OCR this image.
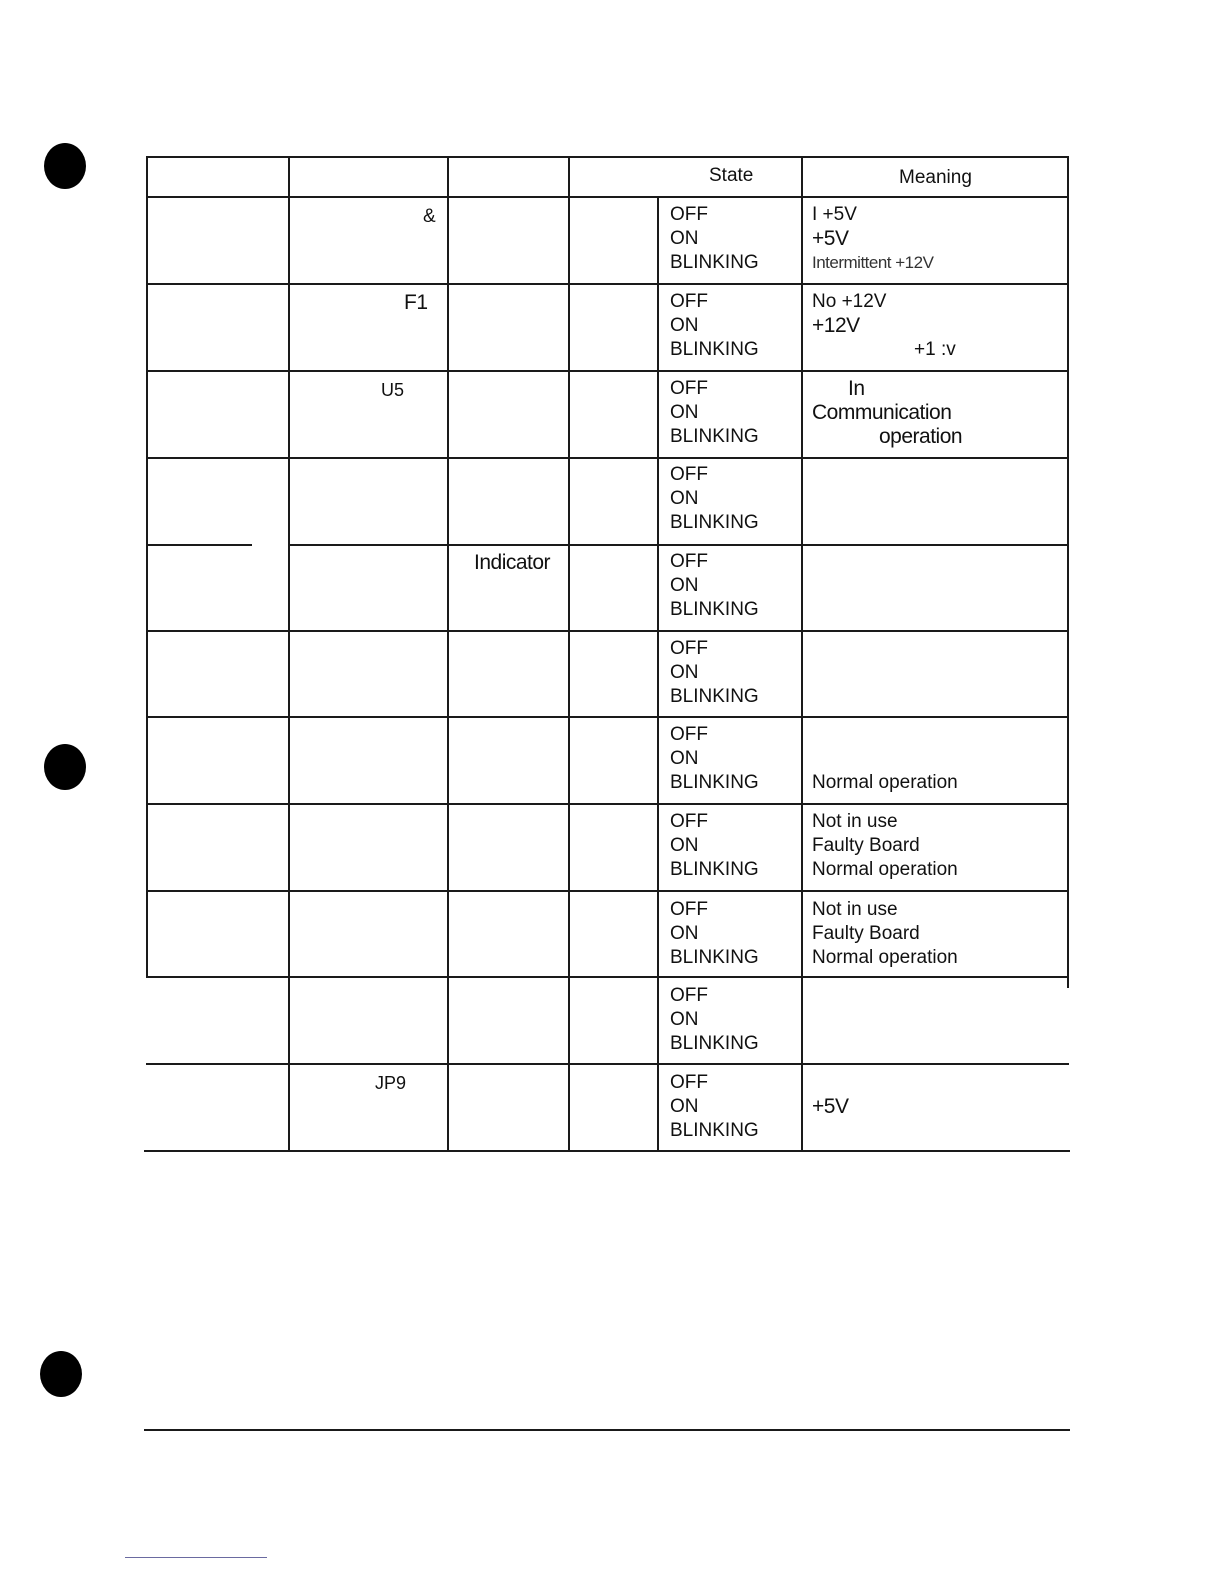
State	Meaning
&
F1
U5
Indicator
JP9
OFF
ON
BLINKING
I +5V
+5V
Intermittent +12V
OFF
ON
BLINKING
No +12V
+12V
+1 :v
OFF
ON
BLINKING
In
Communication
operation
OFF
ON
BLINKING
OFF
ON
BLINKING
OFF
ON
BLINKING
OFF
ON
BLINKING	Normal operation
OFF
ON
BLINKING
Not in use
Faulty Board
Normal operation
OFF
ON
BLINKING
Not in use
Faulty Board
Normal operation
OFF
ON
BLINKING
OFF
ON
BLINKING
+5V
